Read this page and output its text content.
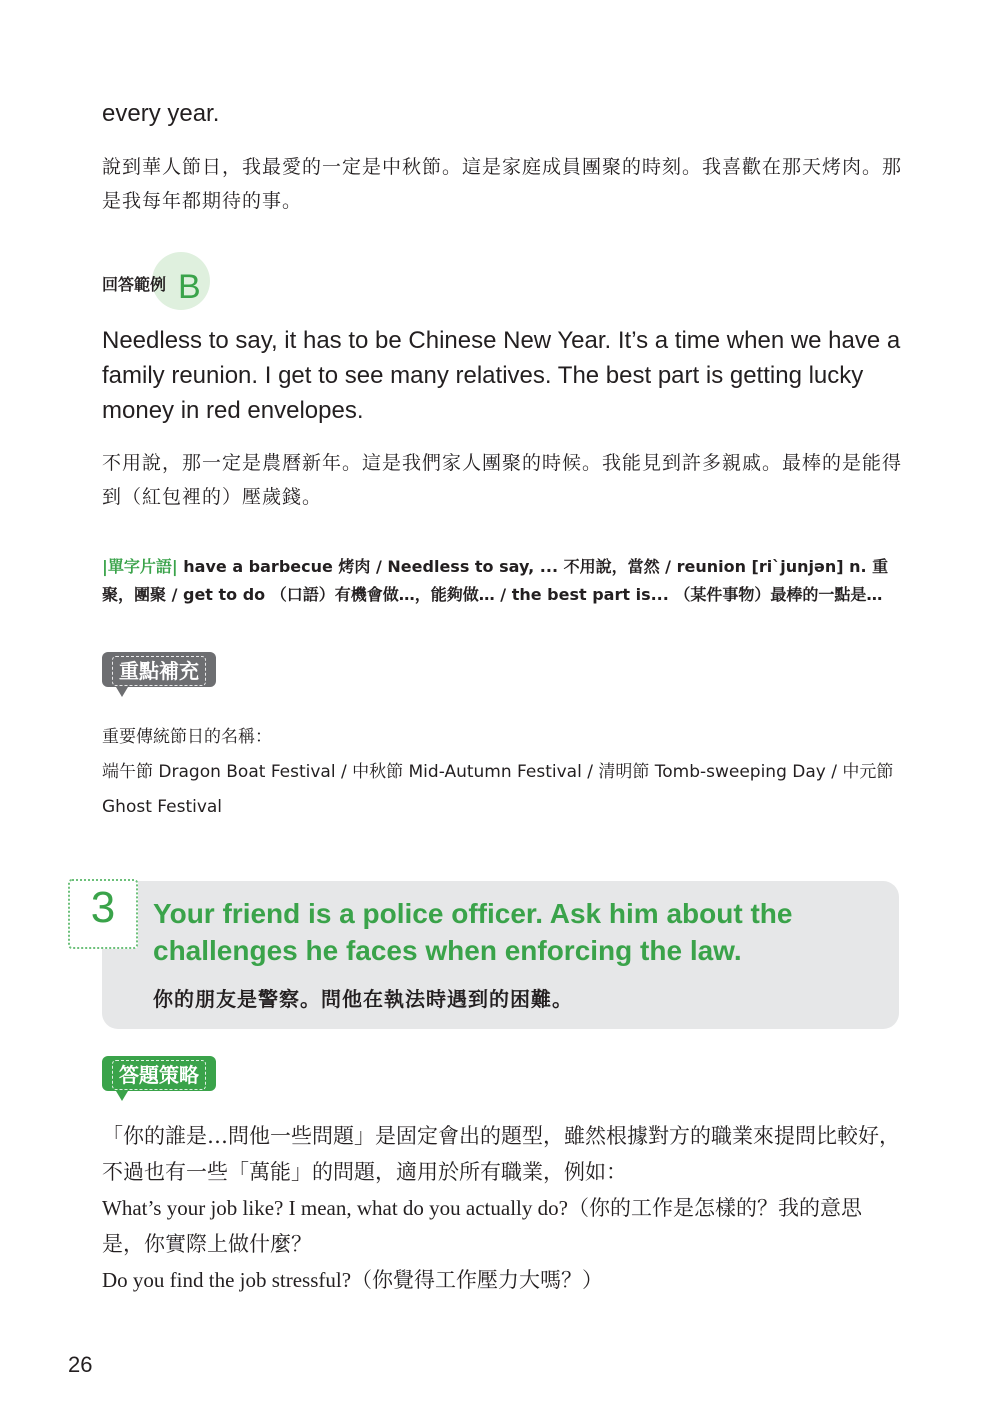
every year.
說到華人節日，我最愛的一定是中秋節。這是家庭成員團聚的時刻。我喜歡在那天烤肉。那是我每年都期待的事。
回答範例 B
Needless to say, it has to be Chinese New Year. It’s a time when we have a family reunion. I get to see many relatives. The best part is getting lucky money in red envelopes.
不用說，那一定是農曆新年。這是我們家人團聚的時候。我能見到許多親戚。最棒的是能得到（紅包裡的）壓歲錢。
|單字片語| have a barbecue 烤肉 / Needless to say, ... 不用說，當然 / reunion [ri`junjən] n. 重聚，團聚 / get to do （口語）有機會做…，能夠做… / the best part is... （某件事物）最棒的一點是…
重點補充
重要傳統節日的名稱：
端午節 Dragon Boat Festival / 中秋節 Mid-Autumn Festival / 清明節 Tomb-sweeping Day / 中元節 Ghost Festival
3	Your friend is a police officer. Ask him about the challenges he faces when enforcing the law.
你的朋友是警察。問他在執法時遇到的困難。
答題策略
「你的誰是…問他一些問題」是固定會出的題型，雖然根據對方的職業來提問比較好，不過也有一些「萬能」的問題，適用於所有職業，例如：
What’s your job like? I mean, what do you actually do?（你的工作是怎樣的？我的意思是，你實際上做什麼？
Do you find the job stressful?（你覺得工作壓力大嗎？）
26
